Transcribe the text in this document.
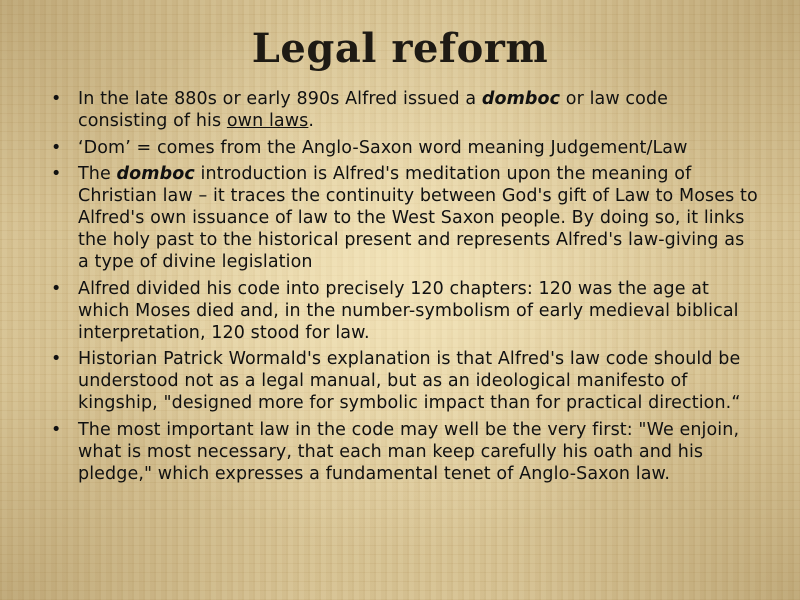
Legal reform
• In the late 880s or early 890s Alfred issued a domboc or law code consisting of his own laws.
• ‘Dom’ = comes from the Anglo-Saxon word meaning Judgement/Law
• The domboc introduction is Alfred's meditation upon the meaning of Christian law – it traces the continuity between God's gift of Law to Moses to Alfred's own issuance of law to the West Saxon people. By doing so, it links the holy past to the historical present and represents Alfred's law-giving as a type of divine legislation
• Alfred divided his code into precisely 120 chapters: 120 was the age at which Moses died and, in the number-symbolism of early medieval biblical interpretation, 120 stood for law.
• Historian Patrick Wormald's explanation is that Alfred's law code should be understood not as a legal manual, but as an ideological manifesto of kingship, "designed more for symbolic impact than for practical direction.“
• The most important law in the code may well be the very first: "We enjoin, what is most necessary, that each man keep carefully his oath and his pledge," which expresses a fundamental tenet of Anglo-Saxon law.
